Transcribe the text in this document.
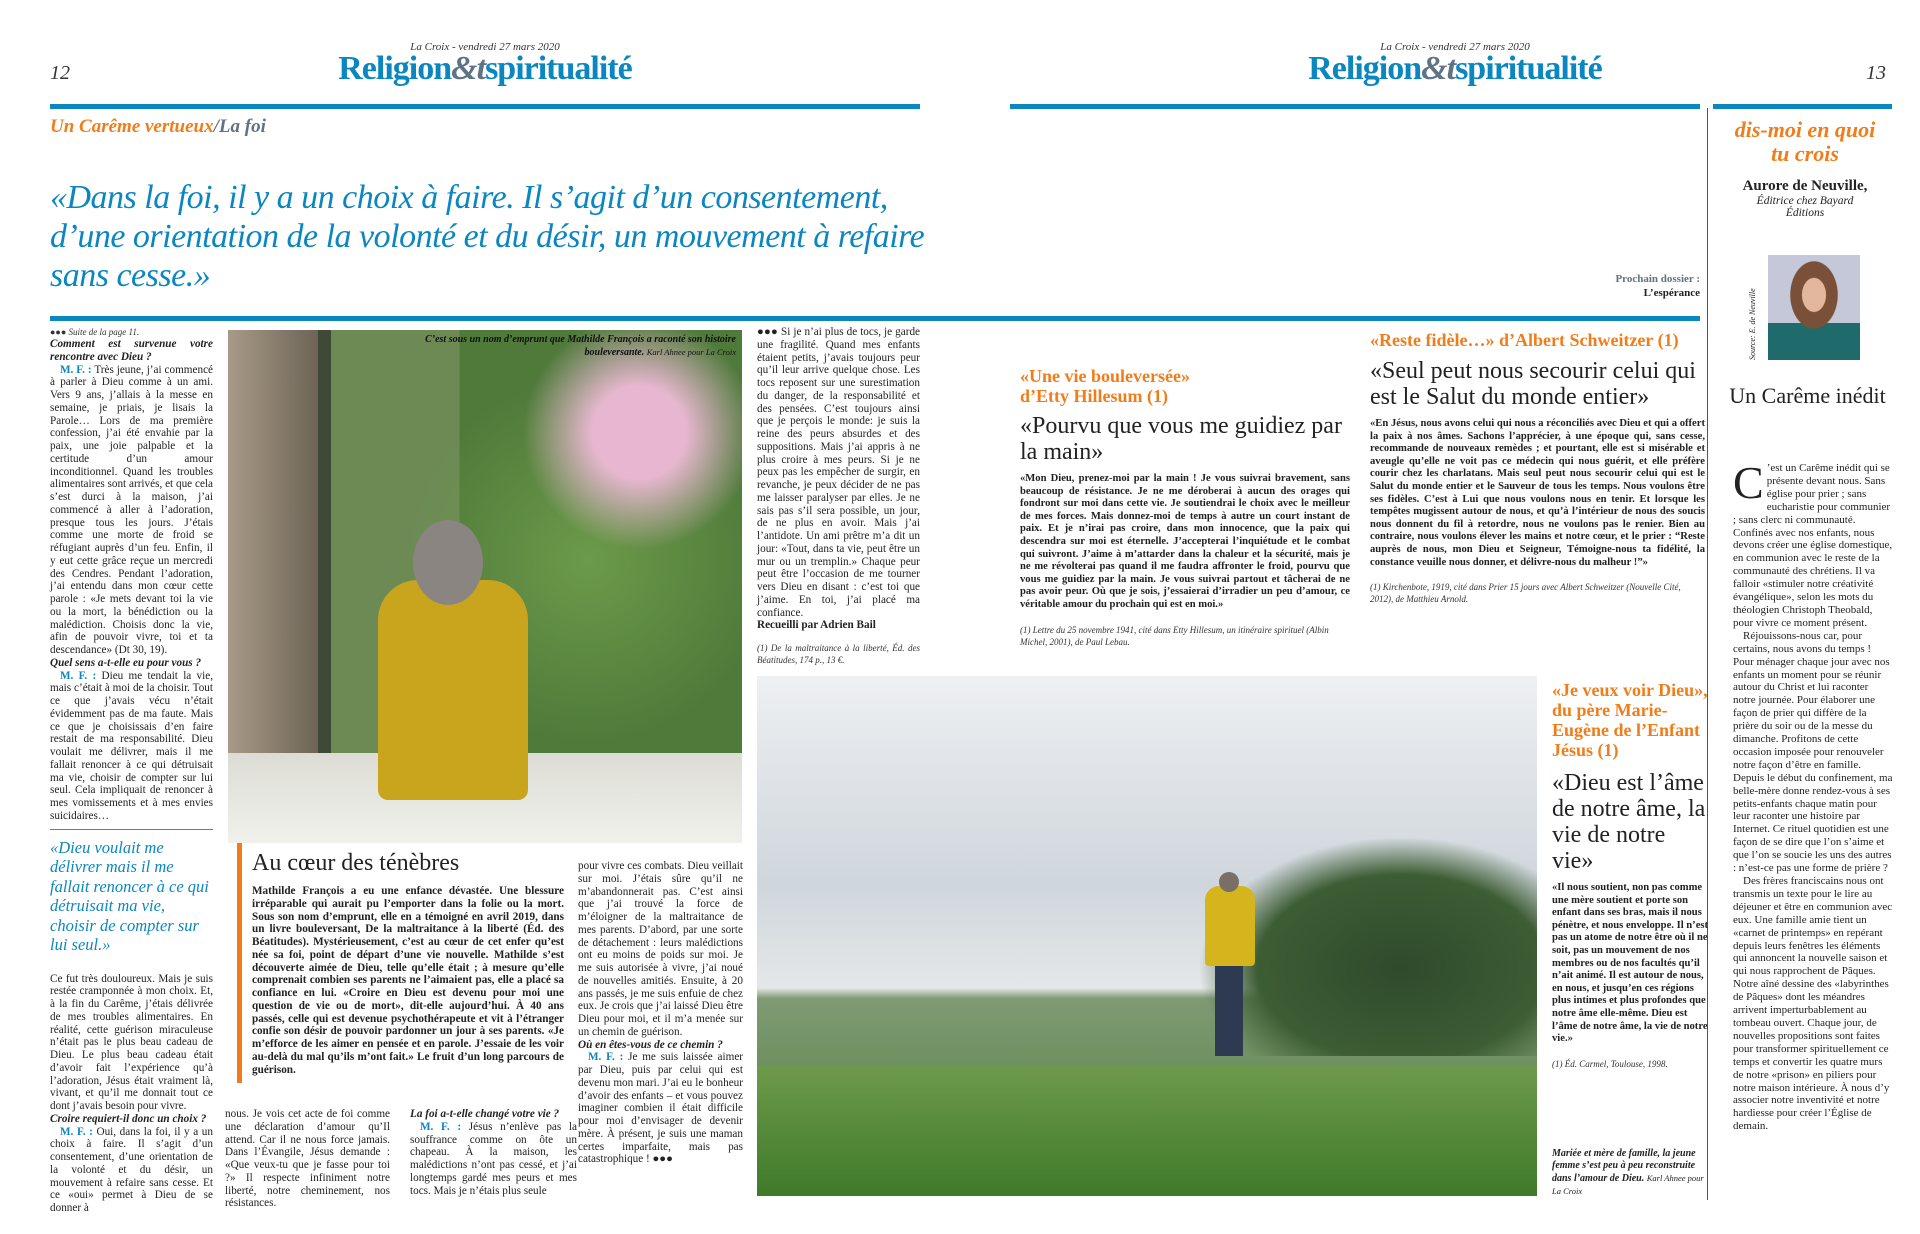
12
La Croix - vendredi 27 mars 2020
Religion&tspiritualité
Un Carême vertueux/La foi
«Dans la foi, il y a un choix à faire. Il s’agit d’un consentement, d’une orientation de la volonté et du désir, un mouvement à refaire sans cesse.»
●●● Suite de la page 11.

Comment est survenue votre rencontre avec Dieu ?

M. F. : Très jeune, j’ai commencé à parler à Dieu comme à un ami. Vers 9 ans, j’allais à la messe en semaine, je priais, je lisais la Parole… Lors de ma première confession, j’ai été envahie par la paix, une joie palpable et la certitude d’un amour inconditionnel. Quand les troubles alimentaires sont arrivés, et que cela s’est durci à la maison, j’ai commencé à aller à l’adoration, presque tous les jours. J’étais comme une morte de froid se réfugiant auprès d’un feu. Enfin, il y eut cette grâce reçue un mercredi des Cendres. Pendant l’adoration, j’ai entendu dans mon cœur cette parole : «Je mets devant toi la vie ou la mort, la bénédiction ou la malédiction. Choisis donc la vie, afin de pouvoir vivre, toi et ta descendance» (Dt 30, 19).

Quel sens a-t-elle eu pour vous ?

M. F. : Dieu me tendait la vie, mais c’était à moi de la choisir. Tout ce que j’avais vécu n’était évidemment pas de ma faute. Mais ce que je choisissais d’en faire restait de ma responsabilité. Dieu voulait me délivrer, mais il me fallait renoncer à ce qui détruisait ma vie, choisir de compter sur lui seul. Cela impliquait de renoncer à mes vomissements et à mes envies suicidaires…

«Dieu voulait me délivrer mais il me fallait renoncer à ce qui détruisait ma vie, choisir de compter sur lui seul.»

Ce fut très douloureux. Mais je suis restée cramponnée à mon choix. Et, à la fin du Carême, j’étais délivrée de mes troubles alimentaires. En réalité, cette guérison miraculeuse n’était pas le plus beau cadeau de Dieu. Le plus beau cadeau était d’avoir fait l’expérience qu’à l’adoration, Jésus était vraiment là, vivant, et qu’il me donnait tout ce dont j’avais besoin pour vivre.

Croire requiert-il donc un choix ?

M. F. : Oui, dans la foi, il y a un choix à faire. Il s’agit d’un consentement, d’une orientation de la volonté et du désir, un mouvement à refaire sans cesse. Et ce «oui» permet à Dieu de se donner à

C’est sous un nom d’emprunt que Mathilde François a raconté son histoire bouleversante. Karl Ahnee pour La Croix
Au cœur des ténèbres
Mathilde François a eu une enfance dévastée. Une blessure irréparable qui aurait pu l’emporter dans la folie ou la mort. Sous son nom d’emprunt, elle en a témoigné en avril 2019, dans un livre bouleversant, De la maltraitance à la liberté (Éd. des Béatitudes). Mystérieusement, c’est au cœur de cet enfer qu’est née sa foi, point de départ d’une vie nouvelle. Mathilde s’est découverte aimée de Dieu, telle qu’elle était ; à mesure qu’elle comprenait combien ses parents ne l’aimaient pas, elle a placé sa confiance en lui. «Croire en Dieu est devenu pour moi une question de vie ou de mort», dit-elle aujourd’hui. À 40 ans passés, celle qui est devenue psychothérapeute et vit à l’étranger confie son désir de pouvoir pardonner un jour à ses parents. «Je m’efforce de les aimer en pensée et en parole. J’essaie de les voir au-delà du mal qu’ils m’ont fait.» Le fruit d’un long parcours de guérison.

nous. Je vois cet acte de foi comme une déclaration d’amour qu’Il attend. Car il ne nous force jamais. Dans l’Évangile, Jésus demande : «Que veux-tu que je fasse pour toi ?» Il respecte infiniment notre liberté, notre cheminement, nos résistances.

La foi a-t-elle changé votre vie ?

M. F. : Jésus n’enlève pas la souffrance comme on ôte un chapeau. À la maison, les malédictions n’ont pas cessé, et j’ai longtemps gardé mes peurs et mes tocs. Mais je n’étais plus seule

pour vivre ces combats. Dieu veillait sur moi. J’étais sûre qu’il ne m’abandonnerait pas. C’est ainsi que j’ai trouvé la force de m’éloigner de la maltraitance de mes parents. D’abord, par une sorte de détachement : leurs malédictions ont eu moins de poids sur moi. Je me suis autorisée à vivre, j’ai noué de nouvelles amitiés. Ensuite, à 20 ans passés, je me suis enfuie de chez eux. Je crois que j’ai laissé Dieu être Dieu pour moi, et il m’a menée sur un chemin de guérison.

Où en êtes-vous de ce chemin ?

M. F. : Je me suis laissée aimer par Dieu, puis par celui qui est devenu mon mari. J’ai eu le bonheur d’avoir des enfants – et vous pouvez imaginer combien il était difficile pour moi d’envisager de devenir mère. À présent, je suis une maman certes imparfaite, mais pas catastrophique ! ●●●

●●● Si je n’ai plus de tocs, je garde une fragilité. Quand mes enfants étaient petits, j’avais toujours peur qu’il leur arrive quelque chose. Les tocs reposent sur une surestimation du danger, de la responsabilité et des pensées. C’est toujours ainsi que je perçois le monde: je suis la reine des peurs absurdes et des suppositions. Mais j’ai appris à ne plus croire à mes peurs. Si je ne peux pas les empêcher de surgir, en revanche, je peux décider de ne pas me laisser paralyser par elles. Je ne sais pas s’il sera possible, un jour, de ne plus en avoir. Mais j’ai l’antidote. Un ami prêtre m’a dit un jour: «Tout, dans ta vie, peut être un mur ou un tremplin.» Chaque peur peut être l’occasion de me tourner vers Dieu en disant : c’est toi que j’aime. En toi, j’ai placé ma confiance.

Recueilli par Adrien Bail

(1) De la maltraitance à la liberté, Éd. des Béatitudes, 174 p., 13 €.

La Croix - vendredi 27 mars 2020
Religion&tspiritualité	13
Prochain dossier :
L’espérance
«Une vie bouleversée» d’Etty Hillesum (1)
«Pourvu que vous me guidiez par la main»
«Mon Dieu, prenez-moi par la main ! Je vous suivrai bravement, sans beaucoup de résistance. Je ne me déroberai à aucun des orages qui fondront sur moi dans cette vie. Je soutiendrai le choix avec le meilleur de mes forces. Mais donnez-moi de temps à autre un court instant de paix. Et je n’irai pas croire, dans mon innocence, que la paix qui descendra sur moi est éternelle. J’accepterai l’inquiétude et le combat qui suivront. J’aime à m’attarder dans la chaleur et la sécurité, mais je ne me révolterai pas quand il me faudra affronter le froid, pourvu que vous me guidiez par la main. Je vous suivrai partout et tâcherai de ne pas avoir peur. Où que je sois, j’essaierai d’irradier un peu d’amour, ce véritable amour du prochain qui est en moi.»
(1) Lettre du 25 novembre 1941, cité dans Etty Hillesum, un itinéraire spirituel (Albin Michel, 2001), de Paul Lebau.
«Reste fidèle…» d’Albert Schweitzer (1)
«Seul peut nous secourir celui qui est le Salut du monde entier»
«En Jésus, nous avons celui qui nous a réconciliés avec Dieu et qui a offert la paix à nos âmes. Sachons l’apprécier, à une époque qui, sans cesse, recommande de nouveaux remèdes ; et pourtant, elle est si misérable et aveugle qu’elle ne voit pas ce médecin qui nous guérit, et elle préfère courir chez les charlatans. Mais seul peut nous secourir celui qui est le Salut du monde entier et le Sauveur de tous les temps. Nous voulons être ses fidèles. C’est à Lui que nous voulons nous en tenir. Et lorsque les tempêtes mugissent autour de nous, et qu’à l’intérieur de nous des soucis nous donnent du fil à retordre, nous ne voulons pas le renier. Bien au contraire, nous voulons élever les mains et notre cœur, et le prier : “Reste auprès de nous, mon Dieu et Seigneur, Témoigne-nous ta fidélité, la constance veuille nous donner, et délivre-nous du malheur !”»
(1) Kirchenbote, 1919, cité dans Prier 15 jours avec Albert Schweitzer (Nouvelle Cité, 2012), de Matthieu Arnold.
«Je veux voir Dieu», du père Marie-Eugène de l’Enfant Jésus (1)
«Dieu est l’âme de notre âme, la vie de notre vie»
«Il nous soutient, non pas comme une mère soutient et porte son enfant dans ses bras, mais il nous pénètre, et nous enveloppe. Il n’est pas un atome de notre être où il ne soit, pas un mouvement de nos membres ou de nos facultés qu’il n’ait animé. Il est autour de nous, en nous, et jusqu’en ces régions plus intimes et plus profondes que notre âme elle-même. Dieu est l’âme de notre âme, la vie de notre vie.»
(1) Éd. Carmel, Toulouse, 1998.
Mariée et mère de famille, la jeune femme s’est peu à peu reconstruite dans l’amour de Dieu. Karl Ahnee pour La Croix
dis-moi en quoi tu crois
Aurore de Neuville,
Éditrice chez Bayard Éditions
Source: E. de Neuville
Un Carême inédit
C ’est un Carême inédit qui se présente devant nous. Sans église pour prier ; sans eucharistie pour communier ; sans clerc ni communauté. Confinés avec nos enfants, nous devons créer une église domestique, en communion avec le reste de la communauté des chrétiens. Il va falloir «stimuler notre créativité évangélique», selon les mots du théologien Christoph Theobald, pour vivre ce moment présent.

Réjouissons-nous car, pour certains, nous avons du temps ! Pour ménager chaque jour avec nos enfants un moment pour se réunir autour du Christ et lui raconter notre journée. Pour élaborer une façon de prier qui diffère de la prière du soir ou de la messe du dimanche. Profitons de cette occasion imposée pour renouveler notre façon d’être en famille. Depuis le début du confinement, ma belle-mère donne rendez-vous à ses petits-enfants chaque matin pour leur raconter une histoire par Internet. Ce rituel quotidien est une façon de se dire que l’on s’aime et que l’on se soucie les uns des autres : n’est-ce pas une forme de prière ?

Des frères franciscains nous ont transmis un texte pour le lire au déjeuner et être en communion avec eux. Une famille amie tient un «carnet de printemps» en repérant depuis leurs fenêtres les éléments qui annoncent la nouvelle saison et qui nous rapprochent de Pâques. Notre aîné dessine des «labyrinthes de Pâques» dont les méandres arrivent imperturbablement au tombeau ouvert. Chaque jour, de nouvelles propositions sont faites pour transformer spirituellement ce temps et convertir les quatre murs de notre «prison» en piliers pour notre maison intérieure. À nous d’y associer notre inventivité et notre hardiesse pour créer l’Église de demain.
